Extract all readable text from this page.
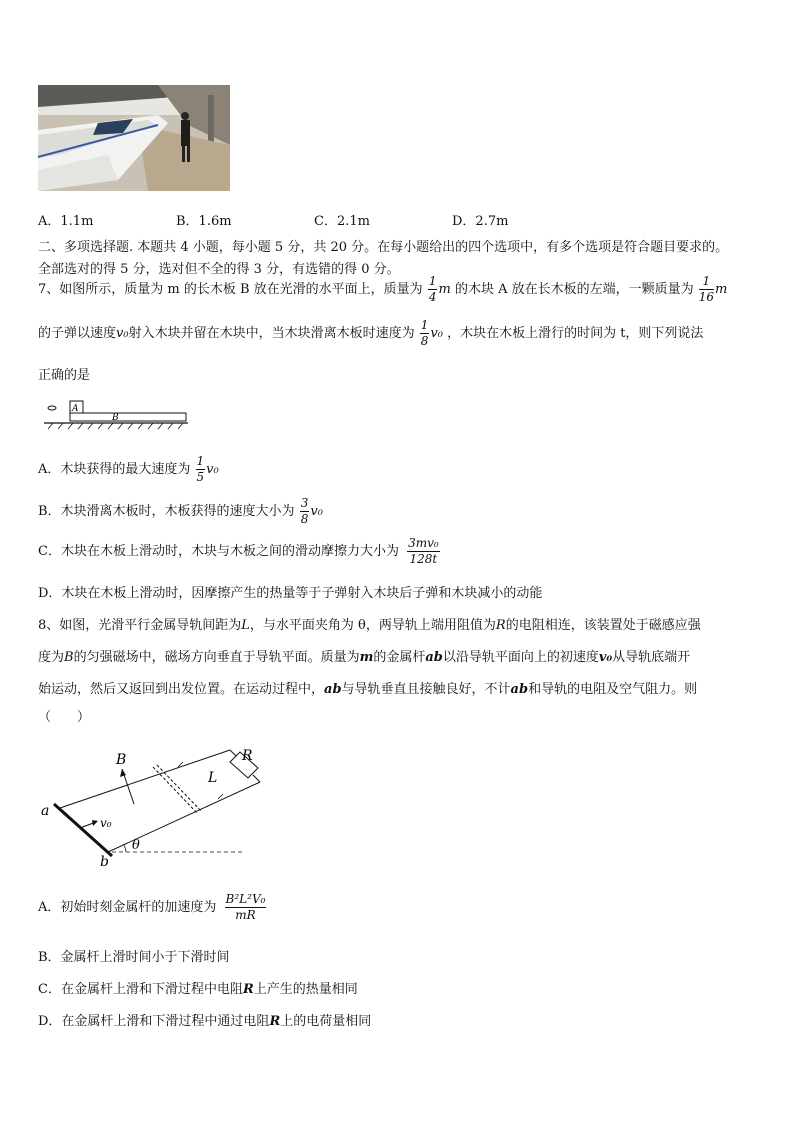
A．1.1m	B．1.6m	C．2.1m	D．2.7m
二、多项选择题. 本题共 4 小题，每小题 5 分，共 20 分。在每小题给出的四个选项中，有多个选项是符合题目要求的。
全部选对的得 5 分，选对但不全的得 3 分，有选错的得 0 分。
7、如图所示，质量为 m 的长木板 B 放在光滑的水平面上，质量为 $\frac{1}{4}$ m 的木块 A 放在长木板的左端，一颗质量为 $\frac{1}{16}$ m
的子弹以速度v₀射入木块并留在木块中，当木块滑离木板时速度为 $\frac{1}{8} v_0$ ，木块在木板上滑行的时间为 t，则下列说法
正确的是
A
B
A．木块获得的最大速度为 $\frac{1}{5} v_0$
B．木块滑离木板时，木板获得的速度大小为 $\frac{3}{8} v_0$
C．木块在木板上滑动时，木块与木板之间的滑动摩擦力大小为 $\frac{\text{3mv₀}}{128t}$
D．木块在木板上滑动时，因摩擦产生的热量等于子弹射入木块后子弹和木块减小的动能
8、如图，光滑平行金属导轨间距为L，与水平面夹角为 θ，两导轨上端用阻值为R的电阻相连，该装置处于磁感应强
度为B的匀强磁场中，磁场方向垂直于导轨平面。质量为m的金属杆ab以沿导轨平面向上的初速度v₀从导轨底端开
始运动，然后又返回到出发位置。在运动过程中，ab与导轨垂直且接触良好，不计ab和导轨的电阻及空气阻力。则
（　　）
B	R
L
a
b
v₀
θ
A．初始时刻金属杆的加速度为 $\frac{\text{B²L²V₀}}{mR}$
B．金属杆上滑时间小于下滑时间
C．在金属杆上滑和下滑过程中电阻R上产生的热量相同
D．在金属杆上滑和下滑过程中通过电阻R上的电荷量相同
